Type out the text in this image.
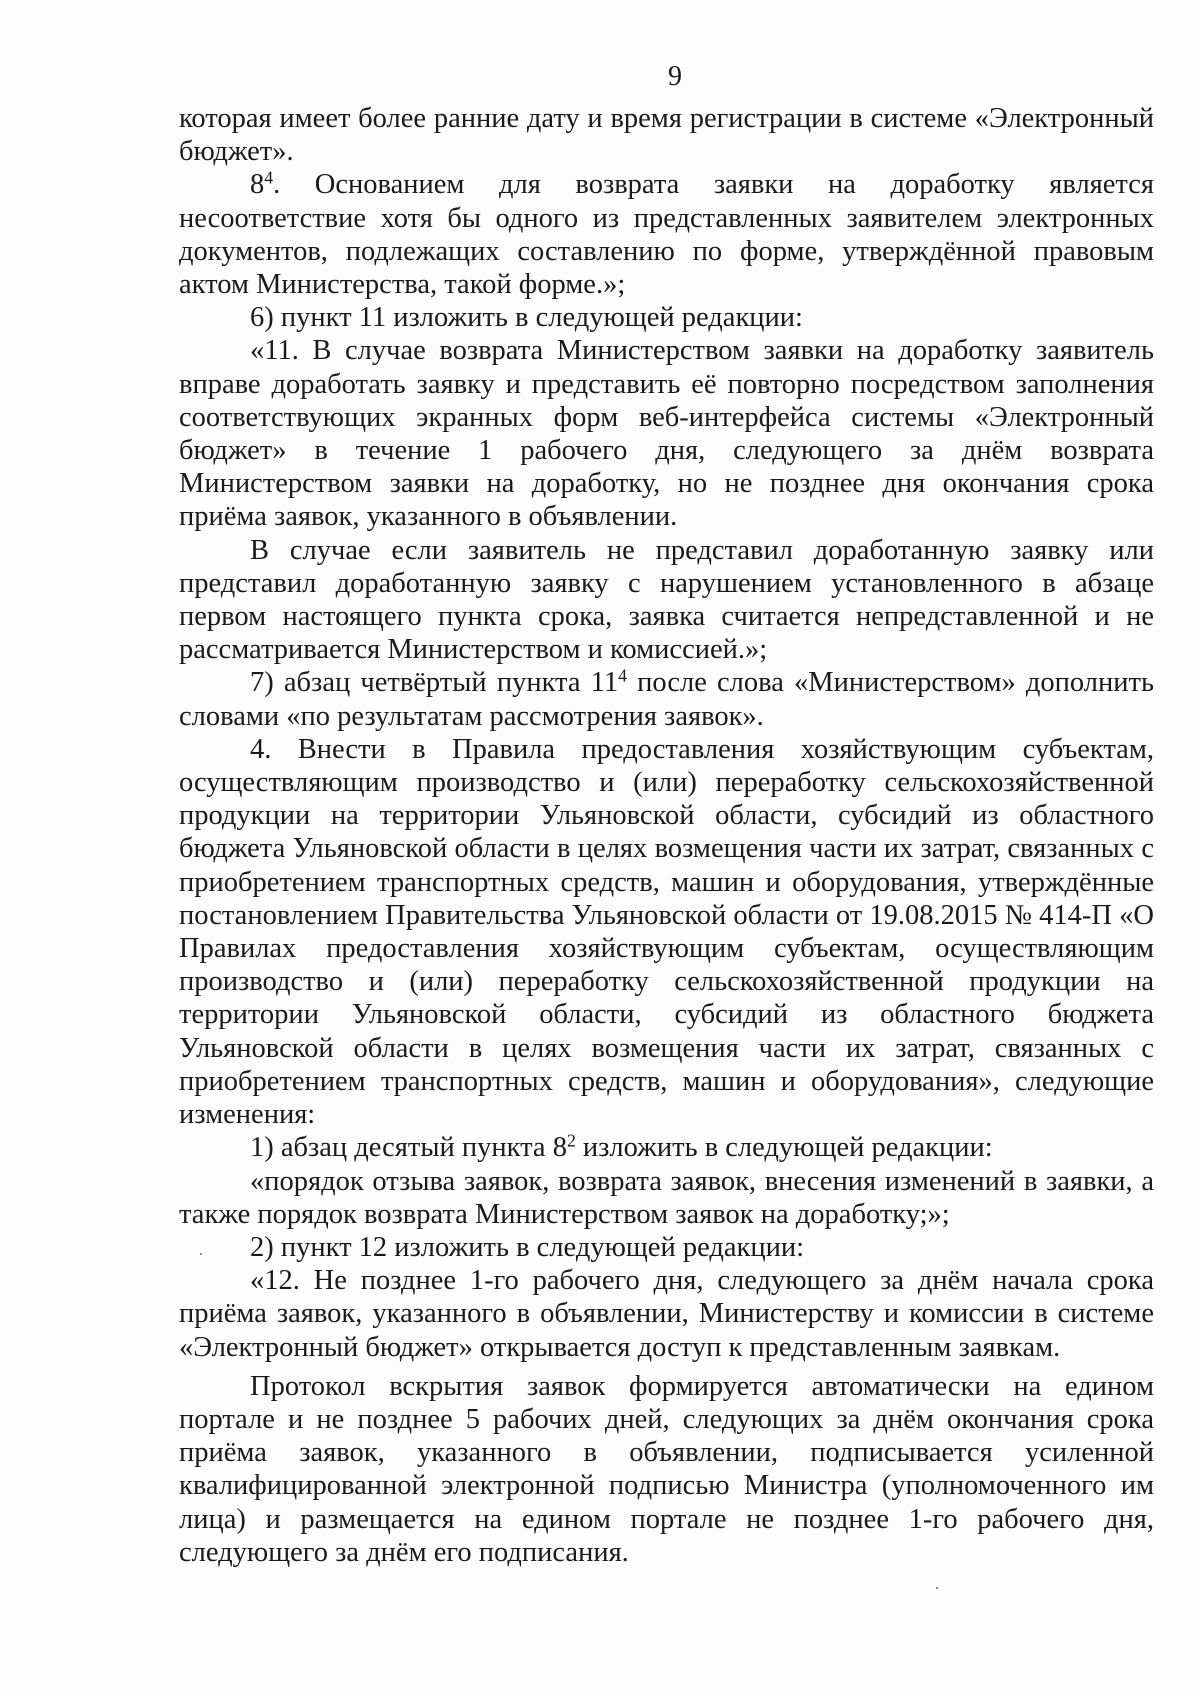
9

которая имеет более ранние дату и время регистрации в системе «Электронный бюджет».

$8^4$. Основанием для возврата заявки на доработку является несоответствие хотя бы одного из представленных заявителем электронных документов, подлежащих составлению по форме, утверждённой правовым актом Министерства, такой форме.»;

6) пункт 11 изложить в следующей редакции:

«11. В случае возврата Министерством заявки на доработку заявитель вправе доработать заявку и представить её повторно посредством заполнения соответствующих экранных форм веб-интерфейса системы «Электронный бюджет» в течение 1 рабочего дня, следующего за днём возврата Министерством заявки на доработку, но не позднее дня окончания срока приёма заявок, указанного в объявлении.

В случае если заявитель не представил доработанную заявку или представил доработанную заявку с нарушением установленного в абзаце первом настоящего пункта срока, заявка считается непредставленной и не рассматривается Министерством и комиссией.»;

7) абзац четвёртый пункта $11^4$ после слова «Министерством» дополнить словами «по результатам рассмотрения заявок».

4. Внести в Правила предоставления хозяйствующим субъектам, осуществляющим производство и (или) переработку сельскохозяйственной продукции на территории Ульяновской области, субсидий из областного бюджета Ульяновской области в целях возмещения части их затрат, связанных с приобретением транспортных средств, машин и оборудования, утверждённые постановлением Правительства Ульяновской области от 19.08.2015 № 414-П «О Правилах предоставления хозяйствующим субъектам, осуществляющим производство и (или) переработку сельскохозяйственной продукции на территории Ульяновской области, субсидий из областного бюджета Ульяновской области в целях возмещения части их затрат, связанных с приобретением транспортных средств, машин и оборудования», следующие изменения:

1) абзац десятый пункта $8^2$ изложить в следующей редакции:

«порядок отзыва заявок, возврата заявок, внесения изменений в заявки, а также порядок возврата Министерством заявок на доработку;»;

2) пункт 12 изложить в следующей редакции:

«12. Не позднее 1-го рабочего дня, следующего за днём начала срока приёма заявок, указанного в объявлении, Министерству и комиссии в системе «Электронный бюджет» открывается доступ к представленным заявкам.

Протокол вскрытия заявок формируется автоматически на едином портале и не позднее 5 рабочих дней, следующих за днём окончания срока приёма заявок, указанного в объявлении, подписывается усиленной квалифицированной электронной подписью Министра (уполномоченного им лица) и размещается на едином портале не позднее 1-го рабочего дня, следующего за днём его подписания.
